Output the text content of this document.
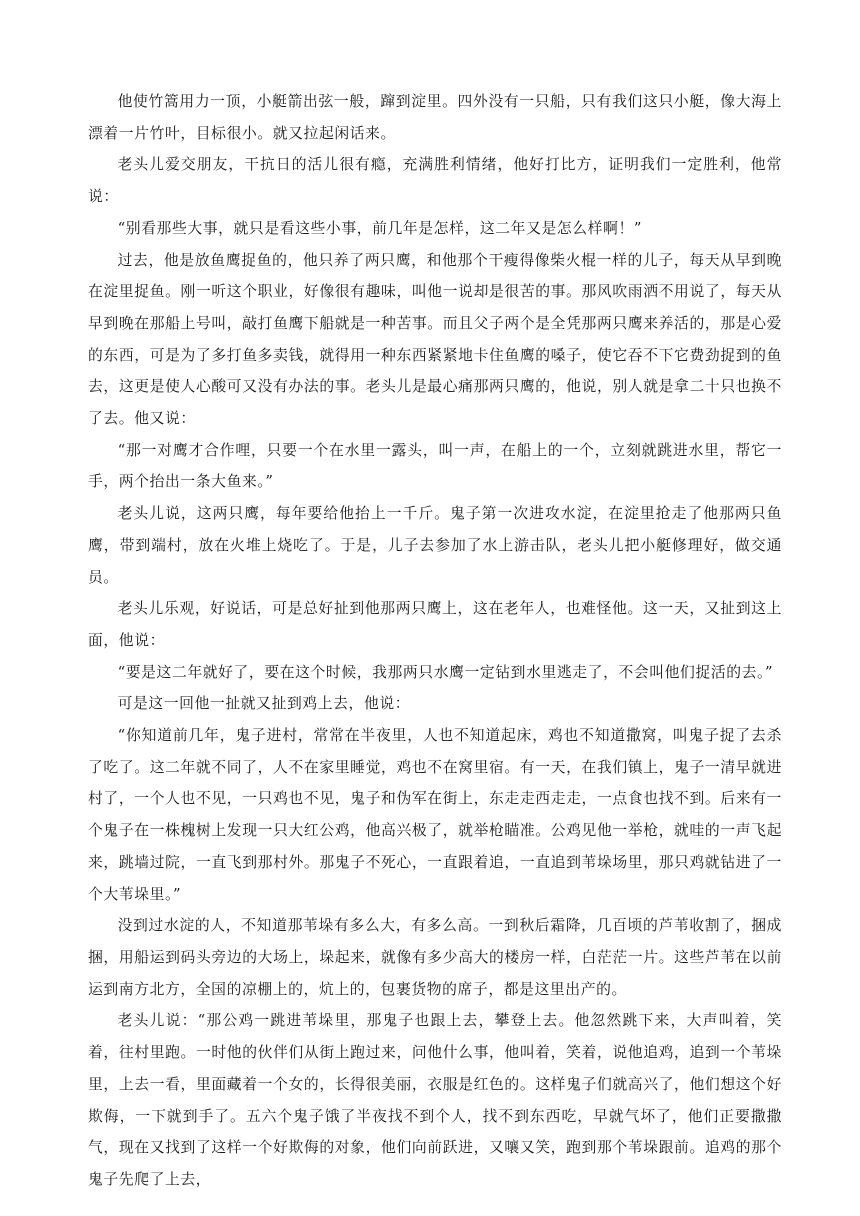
他使竹篙用力一顶，小艇箭出弦一般，蹿到淀里。四外没有一只船，只有我们这只小艇，像大海上漂着一片竹叶，目标很小。就又拉起闲话来。

老头儿爱交朋友，干抗日的活儿很有瘾，充满胜利情绪，他好打比方，证明我们一定胜利，他常说：

“别看那些大事，就只是看这些小事，前几年是怎样，这二年又是怎么样啊！”

过去，他是放鱼鹰捉鱼的，他只养了两只鹰，和他那个干瘦得像柴火棍一样的儿子，每天从早到晚在淀里捉鱼。刚一听这个职业，好像很有趣味，叫他一说却是很苦的事。那风吹雨洒不用说了，每天从早到晚在那船上号叫，敲打鱼鹰下船就是一种苦事。而且父子两个是全凭那两只鹰来养活的，那是心爱的东西，可是为了多打鱼多卖钱，就得用一种东西紧紧地卡住鱼鹰的嗓子，使它吞不下它费劲捉到的鱼去，这更是使人心酸可又没有办法的事。老头儿是最心痛那两只鹰的，他说，别人就是拿二十只也换不了去。他又说：

“那一对鹰才合作哩，只要一个在水里一露头，叫一声，在船上的一个，立刻就跳进水里，帮它一手，两个抬出一条大鱼来。”

老头儿说，这两只鹰，每年要给他抬上一千斤。鬼子第一次进攻水淀，在淀里抢走了他那两只鱼鹰，带到端村，放在火堆上烧吃了。于是，儿子去参加了水上游击队，老头儿把小艇修理好，做交通员。

老头儿乐观，好说话，可是总好扯到他那两只鹰上，这在老年人，也难怪他。这一天，又扯到这上面，他说：

“要是这二年就好了，要在这个时候，我那两只水鹰一定钻到水里逃走了，不会叫他们捉活的去。”

可是这一回他一扯就又扯到鸡上去，他说：

“你知道前几年，鬼子进村，常常在半夜里，人也不知道起床，鸡也不知道撒窝，叫鬼子捉了去杀了吃了。这二年就不同了，人不在家里睡觉，鸡也不在窝里宿。有一天，在我们镇上，鬼子一清早就进村了，一个人也不见，一只鸡也不见，鬼子和伪军在街上，东走走西走走，一点食也找不到。后来有一个鬼子在一株槐树上发现一只大红公鸡，他高兴极了，就举枪瞄准。公鸡见他一举枪，就哇的一声飞起来，跳墙过院，一直飞到那村外。那鬼子不死心，一直跟着追，一直追到苇垛场里，那只鸡就钻进了一个大苇垛里。”

没到过水淀的人，不知道那苇垛有多么大，有多么高。一到秋后霜降，几百顷的芦苇收割了，捆成捆，用船运到码头旁边的大场上，垛起来，就像有多少高大的楼房一样，白茫茫一片。这些芦苇在以前运到南方北方，全国的凉棚上的，炕上的，包裹货物的席子，都是这里出产的。

老头儿说：“那公鸡一跳进苇垛里，那鬼子也跟上去，攀登上去。他忽然跳下来，大声叫着，笑着，往村里跑。一时他的伙伴们从街上跑过来，问他什么事，他叫着，笑着，说他追鸡，追到一个苇垛里，上去一看，里面藏着一个女的，长得很美丽，衣服是红色的。这样鬼子们就高兴了，他们想这个好欺侮，一下就到手了。五六个鬼子饿了半夜找不到个人，找不到东西吃，早就气坏了，他们正要撒撒气，现在又找到了这样一个好欺侮的对象，他们向前跃进，又嚷又笑，跑到那个苇垛跟前。追鸡的那个鬼子先爬了上去，
